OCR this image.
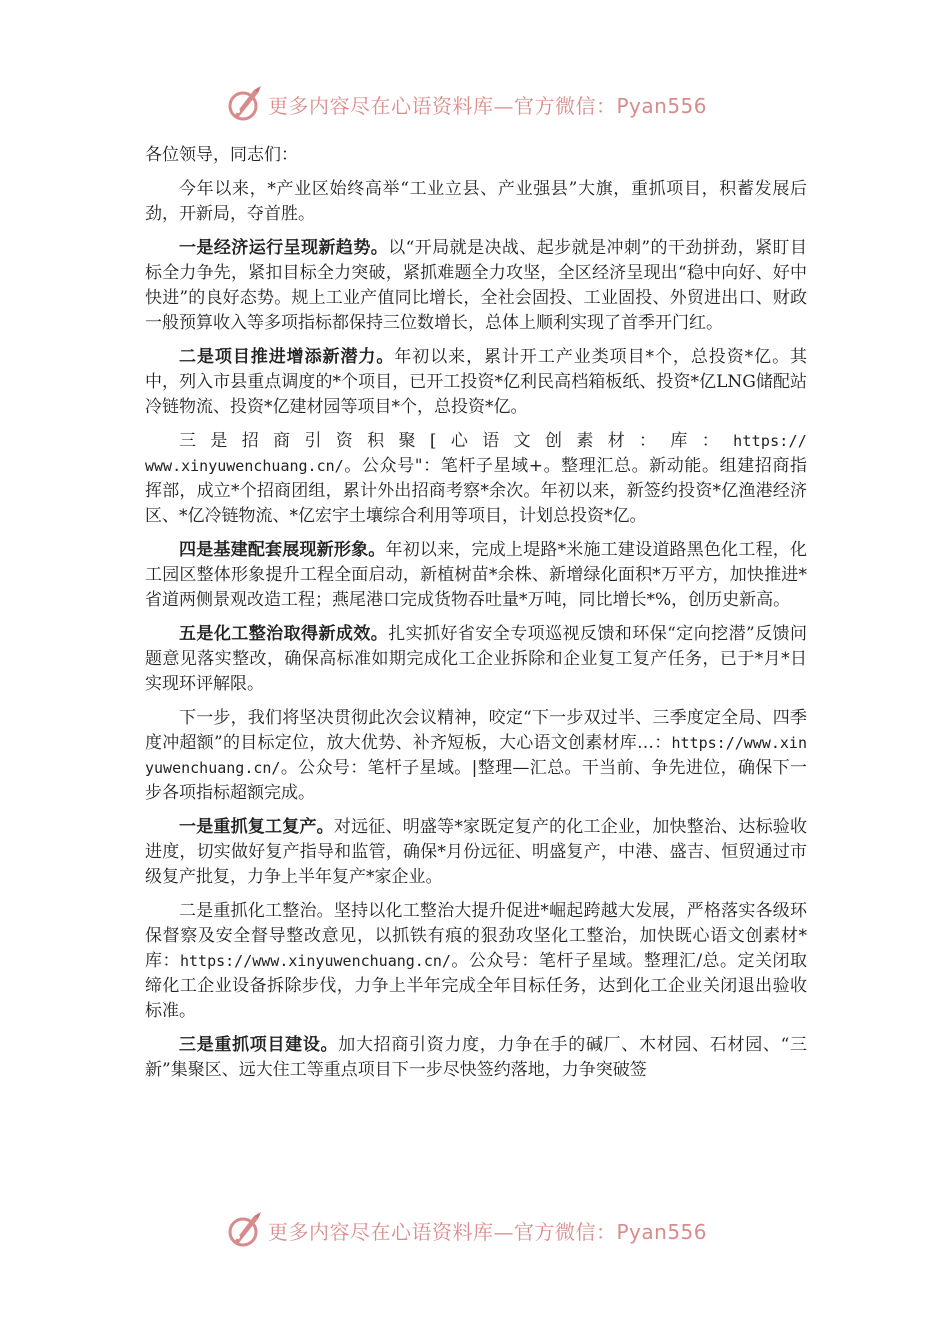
更多内容尽在心语资料库—官方微信：Pyan556

各位领导，同志们：

今年以来，*产业区始终高举“工业立县、产业强县”大旗，重抓项目，积蓄发展后劲，开新局，夺首胜。

一是经济运行呈现新趋势。以“开局就是决战、起步就是冲刺”的干劲拼劲，紧盯目标全力争先，紧扣目标全力突破，紧抓难题全力攻坚，全区经济呈现出“稳中向好、好中快进”的良好态势。规上工业产值同比增长，全社会固投、工业固投、外贸进出口、财政一般预算收入等多项指标都保持三位数增长，总体上顺利实现了首季开门红。

二是项目推进增添新潜力。年初以来，累计开工产业类项目*个，总投资*亿。其中，列入市县重点调度的*个项目，已开工投资*亿利民高档箱板纸、投资*亿LNG储配站冷链物流、投资*亿建材园等项目*个，总投资*亿。

三是招商引资积聚[心语文创素材：库：https://

www.xinyuwenchuang.cn/。公众号"：笔杆子星域+。整理汇总。新动能。组建招商指挥部，成立*个招商团组，累计外出招商考察*余次。年初以来，新签约投资*亿渔港经济区、*亿冷链物流、*亿宏宇土壤综合利用等项目，计划总投资*亿。

四是基建配套展现新形象。年初以来，完成上堤路*米施工建设道路黑色化工程，化工园区整体形象提升工程全面启动，新植树苗*余株、新增绿化面积*万平方，加快推进*省道两侧景观改造工程；燕尾港口完成货物吞吐量*万吨，同比增长*%，创历史新高。

五是化工整治取得新成效。扎实抓好省安全专项巡视反馈和环保“定向挖潜”反馈问题意见落实整改，确保高标准如期完成化工企业拆除和企业复工复产任务，已于*月*日实现环评解限。

下一步，我们将坚决贯彻此次会议精神，咬定“下一步双过半、三季度定全局、四季度冲超额”的目标定位，放大优势、补齐短板，大心语文创素材库…：https://www.xinyuwenchuang.cn/。公众号：笔杆子星域。|整理—汇总。干当前、争先进位，确保下一步各项指标超额完成。

一是重抓复工复产。对远征、明盛等*家既定复产的化工企业，加快整治、达标验收进度，切实做好复产指导和监管，确保*月份远征、明盛复产，中港、盛吉、恒贸通过市级复产批复，力争上半年复产*家企业。

二是重抓化工整治。坚持以化工整治大提升促进*崛起跨越大发展，严格落实各级环保督察及安全督导整改意见，以抓铁有痕的狠劲攻坚化工整治，加快既心语文创素材*库：https://www.xinyuwenchuang.cn/。公众号：笔杆子星域。整理汇/总。定关闭取缔化工企业设备拆除步伐，力争上半年完成全年目标任务，达到化工企业关闭退出验收标准。

三是重抓项目建设。加大招商引资力度，力争在手的碱厂、木材园、石材园、“三新”集聚区、远大住工等重点项目下一步尽快签约落地，力争突破签

更多内容尽在心语资料库—官方微信：Pyan556
